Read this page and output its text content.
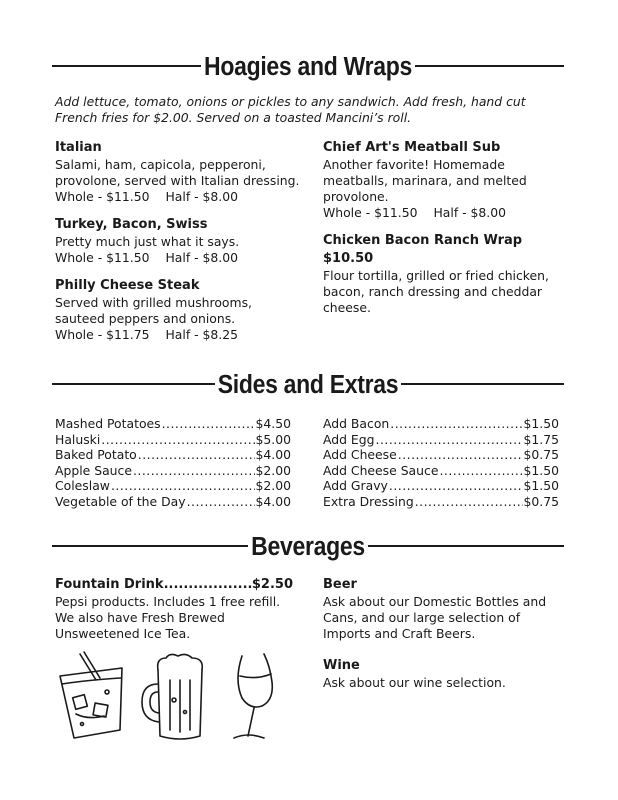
Hoagies and Wraps
Add lettuce, tomato, onions or pickles to any sandwich. Add fresh, hand cut French fries for $2.00. Served on a toasted Mancini’s roll.
Italian
Salami, ham, capicola, pepperoni, provolone, served with Italian dressing.
Whole - $11.50 Half - $8.00
Turkey, Bacon, Swiss
Pretty much just what it says.
Whole - $11.50 Half - $8.00
Philly Cheese Steak
Served with grilled mushrooms, sauteed peppers and onions.
Whole - $11.75 Half - $8.25
Chief Art's Meatball Sub
Another favorite! Homemade meatballs, marinara, and melted provolone.
Whole - $11.50 Half - $8.00
Chicken Bacon Ranch Wrap $10.50
Flour tortilla, grilled or fried chicken, bacon, ranch dressing and cheddar cheese.
Sides and Extras
Mashed Potatoes .....	$4.50
Haluski .....	$5.00
Baked Potato .....	$4.00
Apple Sauce .....	$2.00
Coleslaw .....	$2.00
Vegetable of the Day .....	$4.00
Add Bacon .....	$1.50
Add Egg .....	$1.75
Add Cheese .....	$0.75
Add Cheese Sauce .....	$1.50
Add Gravy .....	$1.50
Extra Dressing .....	$0.75
Beverages
Fountain Drink .....	$2.50
Pepsi products. Includes 1 free refill. We also have Fresh Brewed Unsweetened Ice Tea.
Beer
Ask about our Domestic Bottles and Cans, and our large selection of Imports and Craft Beers.
Wine
Ask about our wine selection.
